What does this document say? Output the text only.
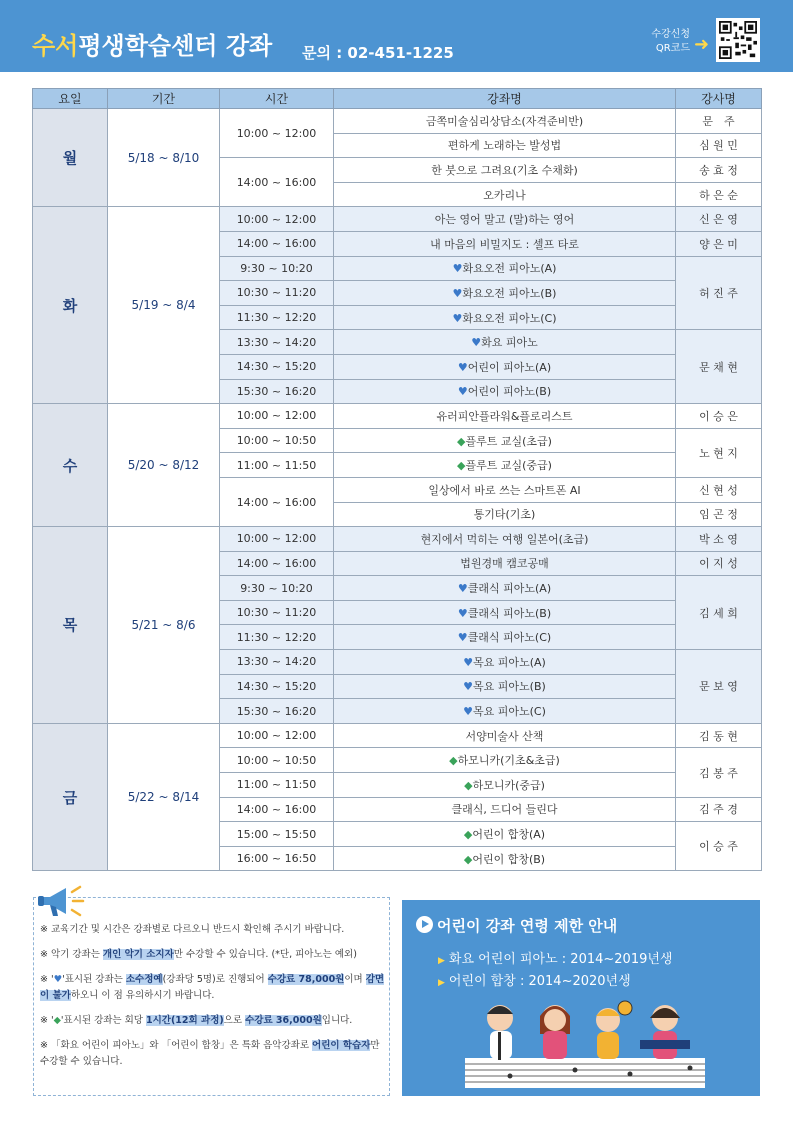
수서평생학습센터 강좌 문의 : 02-451-1225
수강신청
QR코드 ➜
요일	기간	시간	강좌명	강사명
월	5/18 ~ 8/10	10:00 ~ 12:00	금쪽미술심리상담소(자격준비반)	문　주
			편하게 노래하는 발성법	심 원 민
		14:00 ~ 16:00	한 붓으로 그려요(기초 수채화)	송 효 정
			오카리나	하 은 순
화	5/19 ~ 8/4	10:00 ~ 12:00	아는 영어 말고 (말)하는 영어	신 은 영
		14:00 ~ 16:00	내 마음의 비밀지도 : 셀프 타로	양 은 미
		9:30 ~ 10:20	♥화요오전 피아노(A)	허 진 주
		10:30 ~ 11:20	♥화요오전 피아노(B)	
		11:30 ~ 12:20	♥화요오전 피아노(C)	
		13:30 ~ 14:20	♥화요 피아노	문 채 현
		14:30 ~ 15:20	♥어린이 피아노(A)	
		15:30 ~ 16:20	♥어린이 피아노(B)	
수	5/20 ~ 8/12	10:00 ~ 12:00	유러피안플라워&플로리스트	이 승 은
		10:00 ~ 10:50	◆플루트 교실(초급)	노 현 지
		11:00 ~ 11:50	◆플루트 교실(중급)	
		14:00 ~ 16:00	일상에서 바로 쓰는 스마트폰 AI	신 현 성
			통기타(기초)	임 곤 정
목	5/21 ~ 8/6	10:00 ~ 12:00	현지에서 먹히는 여행 일본어(초급)	박 소 영
		14:00 ~ 16:00	법원경매 캠코공매	이 지 성
		9:30 ~ 10:20	♥클래식 피아노(A)	김 세 희
		10:30 ~ 11:20	♥클래식 피아노(B)	
		11:30 ~ 12:20	♥클래식 피아노(C)	
		13:30 ~ 14:20	♥목요 피아노(A)	문 보 영
		14:30 ~ 15:20	♥목요 피아노(B)	
		15:30 ~ 16:20	♥목요 피아노(C)	
금	5/22 ~ 8/14	10:00 ~ 12:00	서양미술사 산책	김 동 현
		10:00 ~ 10:50	◆하모니카(기초&초급)	김 봉 주
		11:00 ~ 11:50	◆하모니카(중급)	
		14:00 ~ 16:00	클래식, 드디어 들린다	김 주 경
		15:00 ~ 15:50	◆어린이 합창(A)	이 승 주
		16:00 ~ 16:50	◆어린이 합창(B)	

※ 교육기간 및 시간은 강좌별로 다르오니 반드시 확인해 주시기 바랍니다.

※ 악기 강좌는 개인 악기 소지자만 수강할 수 있습니다. (*단, 피아노는 예외)

※ '♥'표시된 강좌는 소수정예(강좌당 5명)로 진행되어 수강료 78,000원이며 감면이 불가하오니 이 점 유의하시기 바랍니다.

※ '◆'표시된 강좌는 회당 1시간(12회 과정)으로 수강료 36,000원입니다.

※ 「화요 어린이 피아노」와 「어린이 합창」은 특화 음악강좌로 어린이 학습자만 수강할 수 있습니다.

어린이 강좌 연령 제한 안내
▶ 화요 어린이 피아노 : 2014~2019년생
▶ 어린이 합창 : 2014~2020년생
